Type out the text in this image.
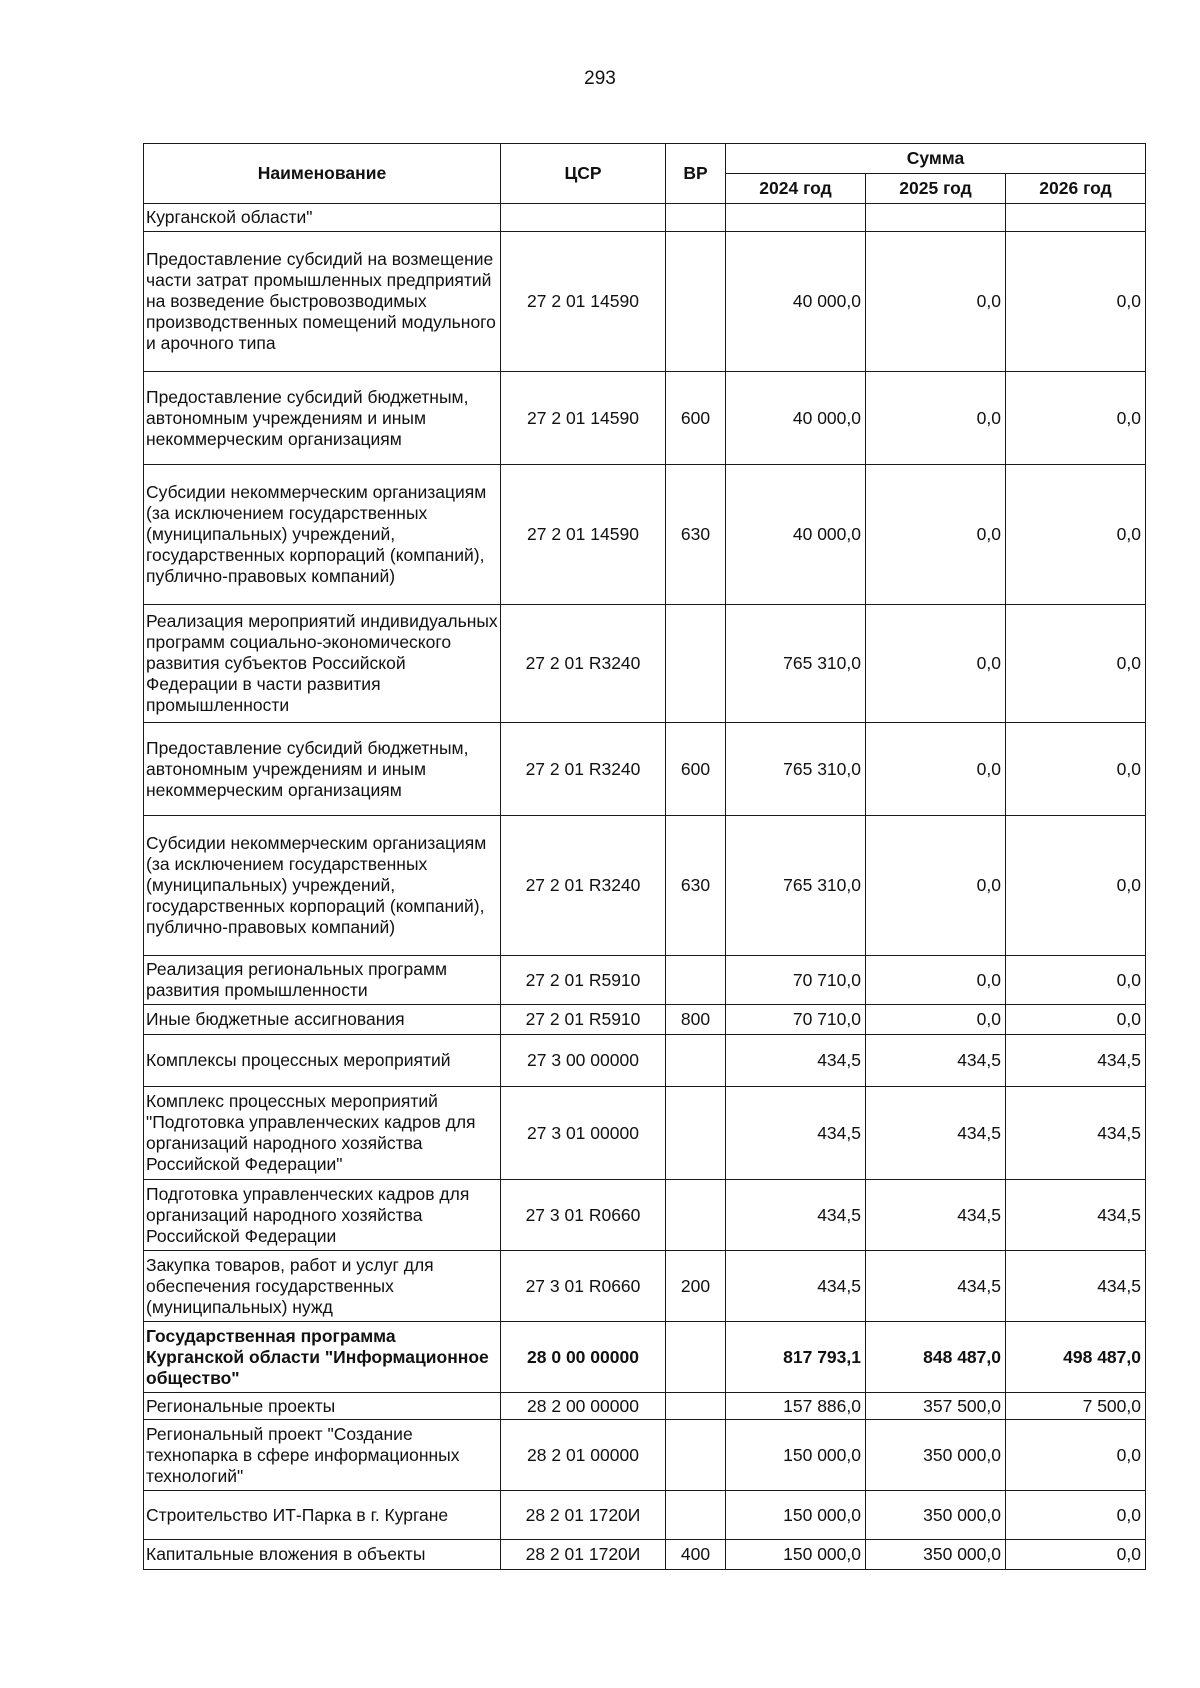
293
Наименование	ЦСР	ВР	Сумма		
			2024 год	2025 год	2026 год
Курганской области"					
Предоставление субсидий на возмещение части затрат промышленных предприятий на возведение быстровозводимых производственных помещений модульного и арочного типа	27 2 01 14590		40 000,0	0,0	0,0
Предоставление субсидий бюджетным, автономным учреждениям и иным некоммерческим организациям	27 2 01 14590	600	40 000,0	0,0	0,0
Субсидии некоммерческим организациям (за исключением государственных (муниципальных) учреждений, государственных корпораций (компаний), публично-правовых компаний)	27 2 01 14590	630	40 000,0	0,0	0,0
Реализация мероприятий индивидуальных программ социально-экономического развития субъектов Российской Федерации в части развития промышленности	27 2 01 R3240		765 310,0	0,0	0,0
Предоставление субсидий бюджетным, автономным учреждениям и иным некоммерческим организациям	27 2 01 R3240	600	765 310,0	0,0	0,0
Субсидии некоммерческим организациям (за исключением государственных (муниципальных) учреждений, государственных корпораций (компаний), публично-правовых компаний)	27 2 01 R3240	630	765 310,0	0,0	0,0
Реализация региональных программ развития промышленности	27 2 01 R5910		70 710,0	0,0	0,0
Иные бюджетные ассигнования	27 2 01 R5910	800	70 710,0	0,0	0,0
Комплексы процессных мероприятий	27 3 00 00000		434,5	434,5	434,5
Комплекс процессных мероприятий "Подготовка управленческих кадров для организаций народного хозяйства Российской Федерации"	27 3 01 00000		434,5	434,5	434,5
Подготовка управленческих кадров для организаций народного хозяйства Российской Федерации	27 3 01 R0660		434,5	434,5	434,5
Закупка товаров, работ и услуг для обеспечения государственных (муниципальных) нужд	27 3 01 R0660	200	434,5	434,5	434,5
Государственная программа Курганской области "Информационное общество"	28 0 00 00000		817 793,1	848 487,0	498 487,0
Региональные проекты	28 2 00 00000		157 886,0	357 500,0	7 500,0
Региональный проект "Создание технопарка в сфере информационных технологий"	28 2 01 00000		150 000,0	350 000,0	0,0
Строительство ИТ-Парка в г. Кургане	28 2 01 1720И		150 000,0	350 000,0	0,0
Капитальные вложения в объекты	28 2 01 1720И	400	150 000,0	350 000,0	0,0
